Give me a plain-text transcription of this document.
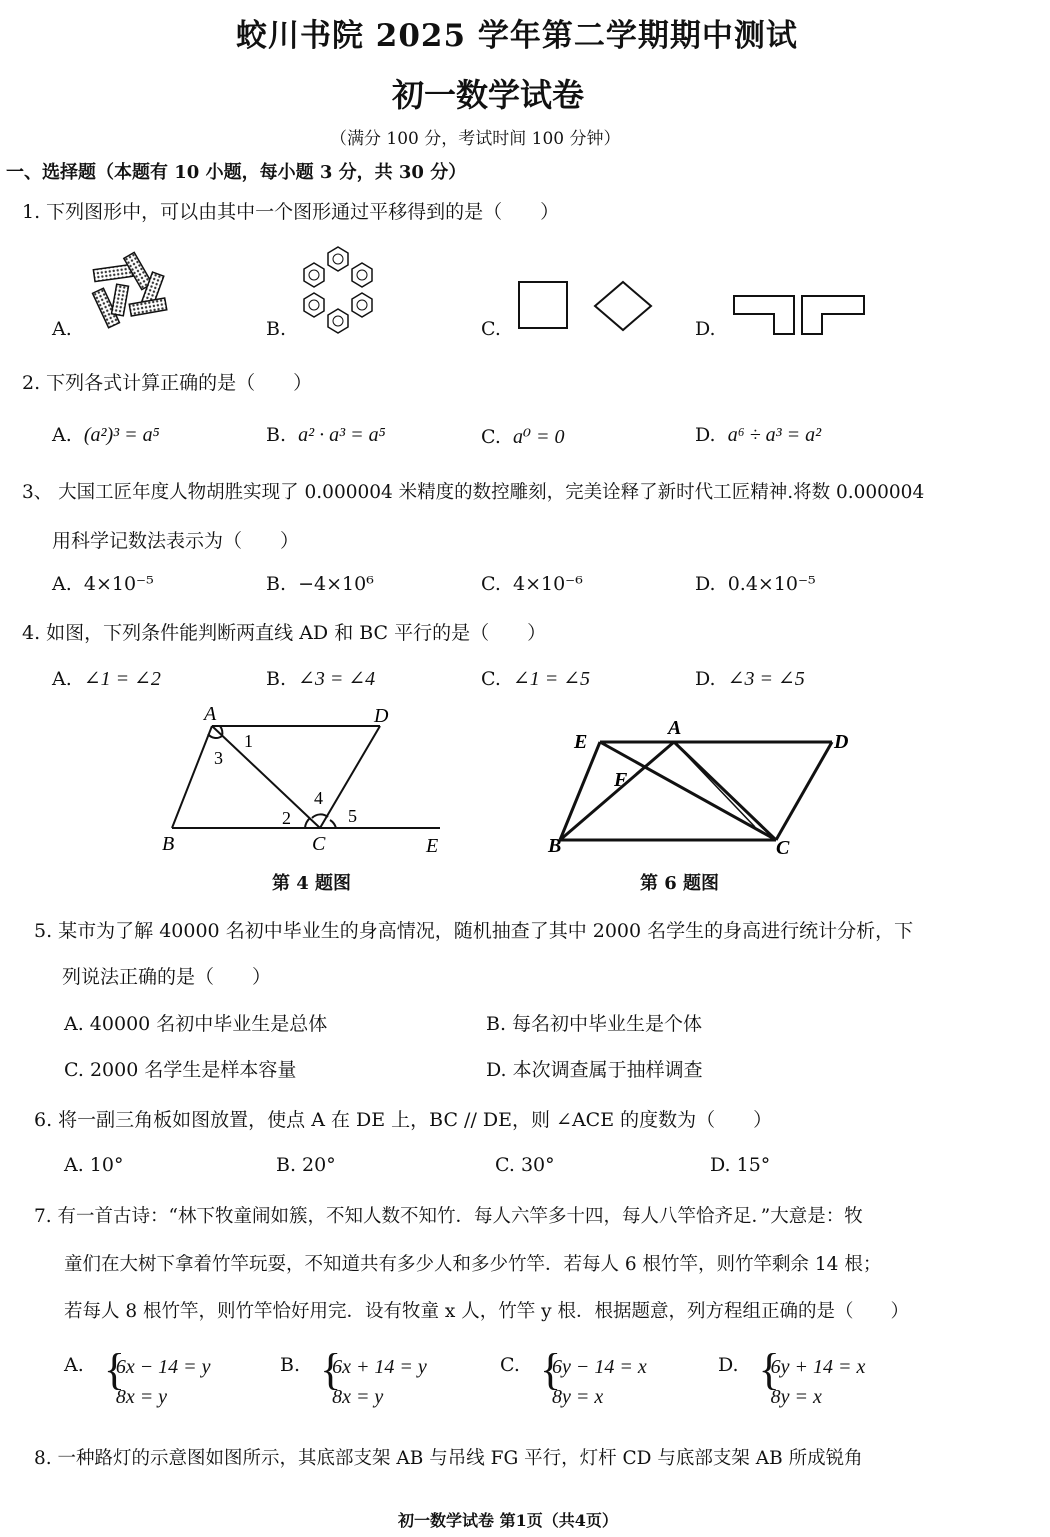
蛟川书院 2025 学年第二学期期中测试
初一数学试卷
（满分 100 分，考试时间 100 分钟）
一、选择题（本题有 10 小题，每小题 3 分，共 30 分）
1. 下列图形中，可以由其中一个图形通过平移得到的是（　　）
A.	B.	C.	D.
2. 下列各式计算正确的是（　　）
A. (a²)³ = a⁵	B. a² · a³ = a⁵	C. a⁰ = 0	D. a⁶ ÷ a³ = a²
3、 大国工匠年度人物胡胜实现了 0.000004 米精度的数控雕刻，完美诠释了新时代工匠精神.将数 0.000004
用科学记数法表示为（　　）
A. 4×10⁻⁵	B. −4×10⁶	C. 4×10⁻⁶	D. 0.4×10⁻⁵
4. 如图，下列条件能判断两直线 AD 和 BC 平行的是（　　）
A. ∠1 = ∠2	B. ∠3 = ∠4	C. ∠1 = ∠5	D. ∠3 = ∠5
A	D
B	C	E
1
3
2
4
5
第 4 题图
E
A
D
F
B	C
第 6 题图
5. 某市为了解 40000 名初中毕业生的身高情况，随机抽查了其中 2000 名学生的身高进行统计分析，下
列说法正确的是（　　）
A. 40000 名初中毕业生是总体	B. 每名初中毕业生是个体
C. 2000 名学生是样本容量	D. 本次调查属于抽样调查
6. 将一副三角板如图放置，使点 A 在 DE 上，BC // DE，则 ∠ACE 的度数为（　　）
A. 10°	B. 20°	C. 30°	D. 15°
7. 有一首古诗：“林下牧童闹如簇，不知人数不知竹．每人六竿多十四，每人八竿恰齐足．”大意是：牧
童们在大树下拿着竹竿玩耍，不知道共有多少人和多少竹竿．若每人 6 根竹竿，则竹竿剩余 14 根；
若每人 8 根竹竿，则竹竿恰好用完．设有牧童 x 人，竹竿 y 根．根据题意，列方程组正确的是（　　）
A. {
6x − 14 = y
8x = y
B. {
6x + 14 = y
8x = y
C. {
6y − 14 = x
8y = x
D. {
6y + 14 = x
8y = x
8. 一种路灯的示意图如图所示，其底部支架 AB 与吊线 FG 平行，灯杆 CD 与底部支架 AB 所成锐角
初一数学试卷 第1页（共4页）
